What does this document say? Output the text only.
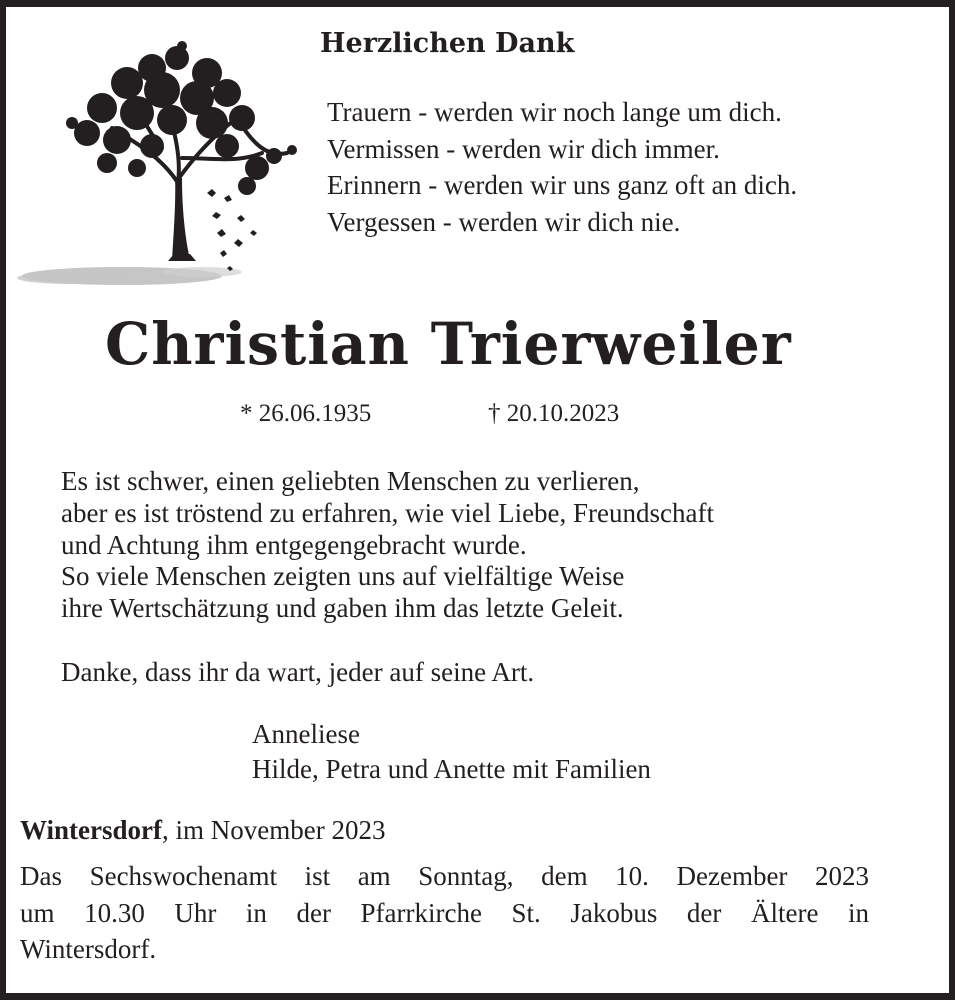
Herzlichen Dank
Trauern - werden wir noch lange um dich.
Vermissen - werden wir dich immer.
Erinnern - werden wir uns ganz oft an dich.
Vergessen - werden wir dich nie.
Christian Trierweiler
* 26.06.1935	† 20.10.2023
Es ist schwer, einen geliebten Menschen zu verlieren,
aber es ist tröstend zu erfahren, wie viel Liebe, Freundschaft
und Achtung ihm entgegengebracht wurde.
So viele Menschen zeigten uns auf vielfältige Weise
ihre Wertschätzung und gaben ihm das letzte Geleit.
Danke, dass ihr da wart, jeder auf seine Art.
Anneliese
Hilde, Petra und Anette mit Familien
Wintersdorf, im November 2023
Das Sechswochenamt ist am Sonntag, dem 10. Dezember 2023
um 10.30 Uhr in der Pfarrkirche St. Jakobus der Ältere in
Wintersdorf.
